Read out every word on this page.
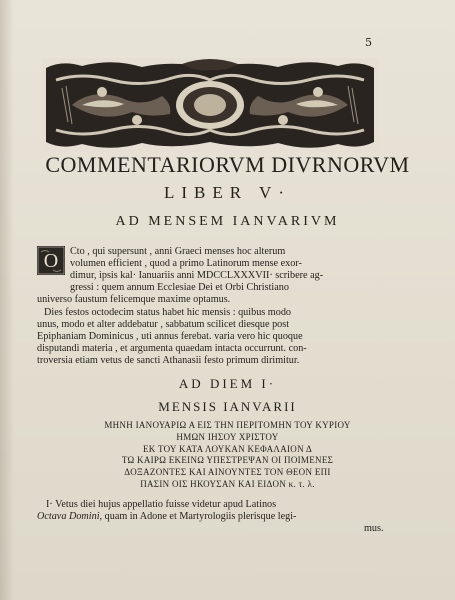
5
COMMENTARIORVM DIVRNORVM
LIBER V·
AD MENSEM IANVARIVM
O Cto , qui supersunt , anni Graeci menses hoc alterum
volumen efficient , quod a primo Latinorum mense exor-
dimur, ipsis kal· Ianuariis anni MDCCLXXXVII· scribere ag-
gressi : quem annum Ecclesiae Dei et Orbi Christiano
universo faustum felicemque maxime optamus.
Dies festos octodecim status habet hic mensis : quibus modo
unus, modo et alter addebatur , sabbatum scilicet diesque post
Epiphaniam Dominicus , uti annus ferebat. varia vero hic quoque
disputandi materia , et argumenta quaedam intacta occurrunt. con-
troversia etiam vetus de sancti Athanasii festo primum dirimitur.
AD DIEM I·
MENSIS IANVARII
ΜΗΝΗ ΙΑΝΟΥΑΡΙΩ Α ΕΙΣ ΤΗΝ ΠΕΡΙΤΟΜΗΝ ΤΟΥ ΚΥΡΙΟΥ
ΗΜΩΝ ΙΗΣΟΥ ΧΡΙΣΤΟΥ
ΕΚ ΤΟΥ ΚΑΤΑ ΛΟΥΚΑΝ ΚΕΦΑΛΑΙΟΝ Δ
ΤΩ ΚΑΙΡΩ ΕΚΕΙΝΩ ΥΠΕΣΤΡΕΨΑΝ ΟΙ ΠΟΙΜΕΝΕΣ
ΔΟΞΑΖΟΝΤΕΣ ΚΑΙ ΑΙΝΟΥΝΤΕΣ ΤΟΝ ΘΕΟΝ ΕΠΙ
ΠΑΣΙΝ ΟΙΣ ΗΚΟΥΣΑΝ ΚΑΙ ΕΙΔΟΝ κ. τ. λ.
I· Vetus diei hujus appellatio fuisse videtur apud Latinos
Octava Domini, quam in Adone et Martyrologiis plerisque legi-
mus.
